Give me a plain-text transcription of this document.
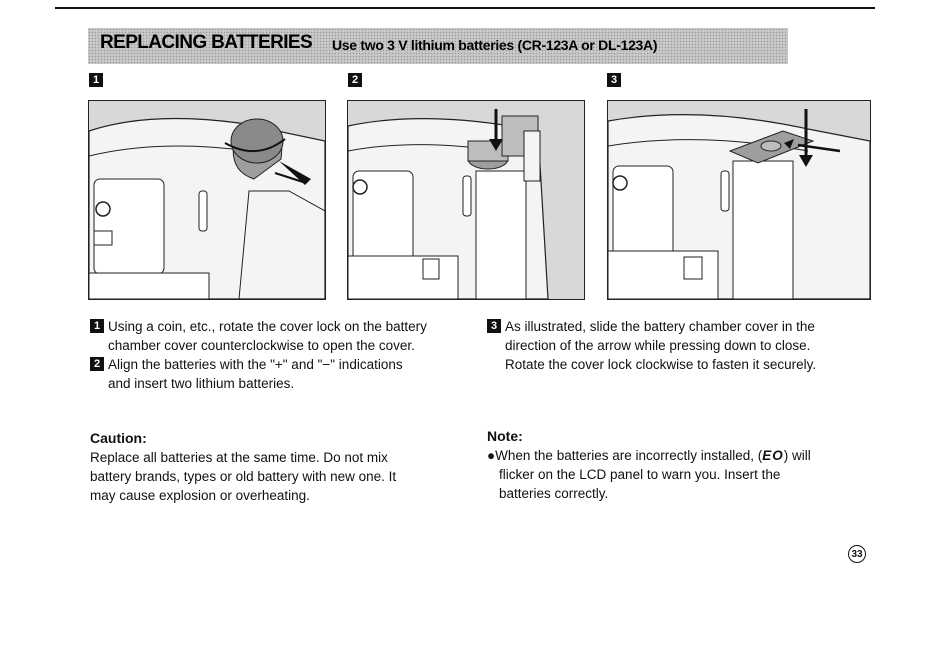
REPLACING BATTERIES Use two 3 V lithium batteries (CR-123A or DL-123A)
1	2	3
1 Using a coin, etc., rotate the cover lock on the battery
chamber cover counterclockwise to open the cover.
2 Align the batteries with the "+" and "−" indications
and insert two lithium batteries.
3 As illustrated, slide the battery chamber cover in the
direction of the arrow while pressing down to close.
Rotate the cover lock clockwise to fasten it securely.
Caution:
Replace all batteries at the same time. Do not mix
battery brands, types or old battery with new one. It
may cause explosion or overheating.
Note:
●When the batteries are incorrectly installed, (EO) will
flicker on the LCD panel to warn you. Insert the
batteries correctly.
33
